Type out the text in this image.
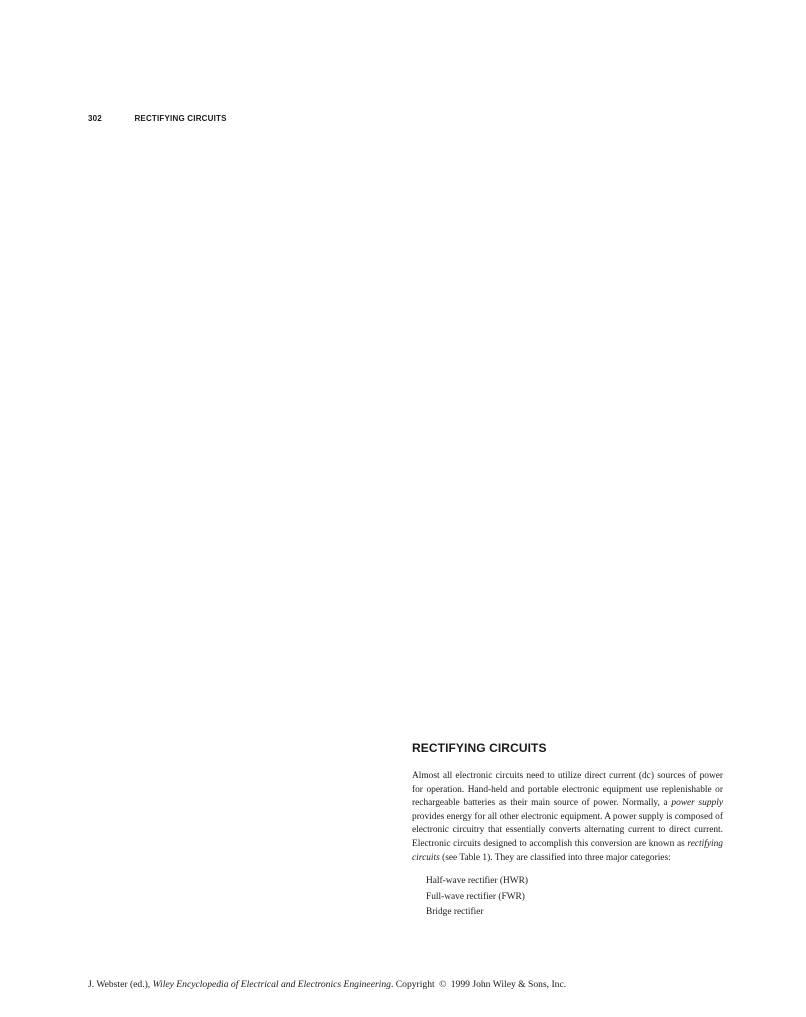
302	RECTIFYING CIRCUITS
RECTIFYING CIRCUITS

Almost all electronic circuits need to utilize direct current (dc) sources of power for operation. Hand-held and portable electronic equipment use replenishable or rechargeable batteries as their main source of power. Normally, a power supply provides energy for all other electronic equipment. A power supply is composed of electronic circuitry that essentially converts alternating current to direct current. Electronic circuits designed to accomplish this conversion are known as rectifying circuits (see Table 1). They are classified into three major categories:

Half-wave rectifier (HWR)
Full-wave rectifier (FWR)
Bridge rectifier
J. Webster (ed.), Wiley Encyclopedia of Electrical and Electronics Engineering. Copyright © 1999 John Wiley & Sons, Inc.
